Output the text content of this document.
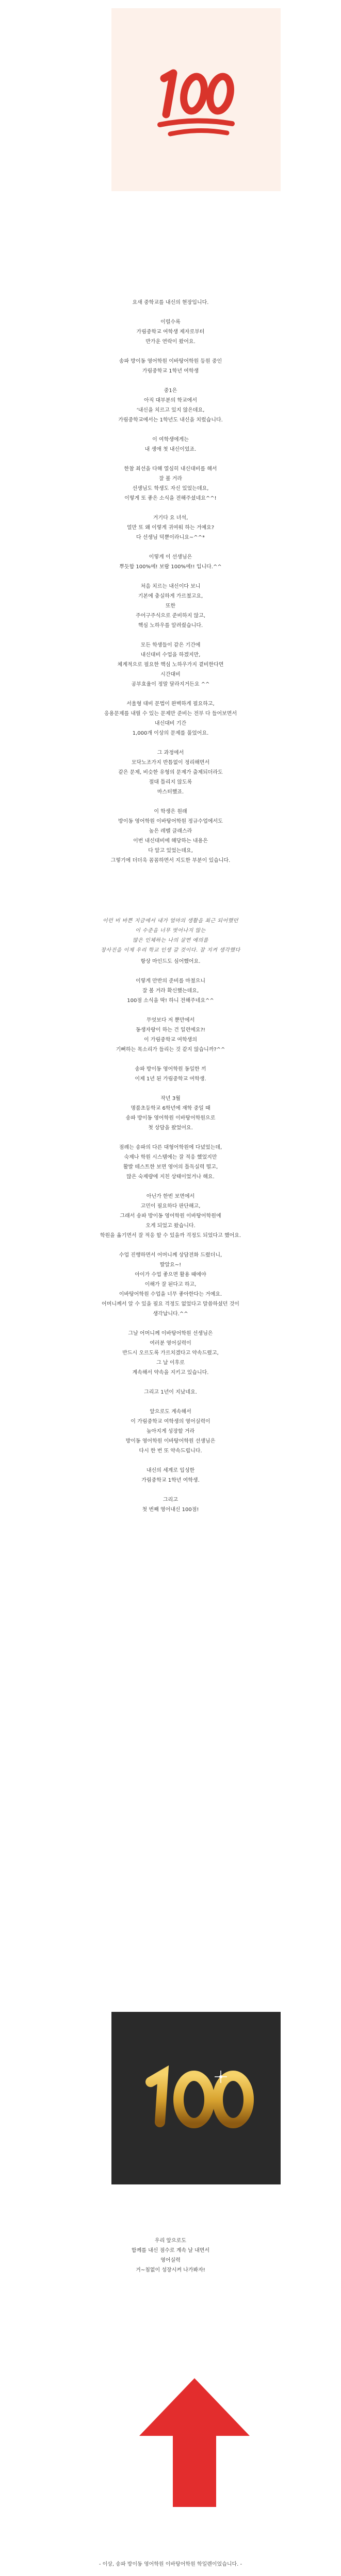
요새 중학교를 내신의 현장입니다.

이럴수록

가림중학교 여학생 제자로부터

반가운 연락이 왔어요.

송파 방이동 영어학원 이바탕어학원 등원 중인

가림중학교 1학년 여학생

중1은

아직 대부분의 학교에서

‘내신을 치르고 있지 않은데요,

가림중학교에서는 1학년도 내신을 치렀습니다.

이 여학생에게는

내 생애 첫 내신이었죠.

한참 최선을 다해 열심히 내신대비를 해서

잘 볼 거라

선생님도 학생도 자신 있었는데요,

이렇게 또 좋은 소식을 전해주셨네요^^!

거기다 요 녀석,

얼만 또 왜 이렇게 귀여워 하는 거예요?

다 선생님 덕뿐이라니요~^^*

이렇게 이 선생님은

뿌듯함 100%에! 보람 100%에!! 입니다.^^

처음 치르는 내신이다 보니

기본에 충실하게 가르쳤고요,

또한

주어구주식으로 준비하지 않고,

핵심 노하우를 알려줬습니다.

모든 학생들이 같은 기간에

내신대비 수업을 하겠지만,

체계적으로 필요한 핵심 노하우가지 곁비한다면

시간대비

공부효율이 정말 달라지거든요 ^^

서울형 대비 문법이 완벽하게 필요하고,

응용문제를 내릴 수 있는 문제만 준비는 전부 다 들어보면서

내신대비 기간

1,000개 이상의 문제를 풀었어요.

그 과정에서

모닥노조가지 반틈없이 정리해면서

같은 문제, 비슷한 유형의 문제가 출제되더라도

절대 틀리지 않도록

마스터했죠.

이 학생은 원래

방이동 영어학원 이바탕어학원 정규수업에서도

높은 레벨 클래스라

이번 내신대비에 해당하는 내용은

다 알고 있었는데요,

그렇기에 더더욱 꼼꼼하면서 지도한 부분이 있습니다.

이런 비 바쁜 지금에서 내가 얼마의 생활을 최근 되어했던

이 수준을 너무 벗어나지 않는

많은 인체하는 나의 살면 예의를

장사진을 이제 우리 학교 인생 갈 것이다. 잘 지켜 생각했다

항상 마인드도 심어했어요.

이렇게 만반의 준비를 마쳤으니

잘 볼 거라 확신했는데요,

100점 소식을 딱! 하니 전해주네요^^

무엇보다 저 뿐만에서

동생자랑이 하는 건 일련에요?!

이 가림중학교 여학생의

기뻐하는 목소리가 들리는 것 같지 않습니까?^^

송파 방이동 영어학원 동일한 끼

이제 1년 된 가림중학교 여학생.

작년 3월

명품초등학교 6학년에 재학 중일 때

송파 방이동 영어학원 이바탕어학원으로

첫 상담을 왔었어요.

점례는 송파의 다른 대형어학원에 다녔었는데,

숙제나 학원 시스템에는 잘 적응 했었지만

활발 테스트한 보면 영어의 틀독실력 떨고,

많은 숙제량에 지친 상태이었거나 해요.

아닌가 한번 보면에서

고민이 필요하다 판단해고,

그래서 송파 방이동 영어학원 이바탕어학원에

오게 되었고 왔습니다.

학원을 옮기면서 잘 적응 할 수 있을까 걱정도 되었다고 했어요.

수업 진행하면서 어머니께 상담전화 드렸더니,

딸알요~!

아이가 수업 좋으면 활용 때에야

이해가 잘 된다고 하고,

이바탕어학원 수업을 너무 좋아한다는 거예요.

어머니께서 알 수 있을 필요 걱정도 없었다고 말씀하셨던 것이

생각납니다.^^

그날 어머니께 이바탕어학원 선생님은

여러분 영어실력이

반드시 오르도록 가르치겠다고 약속드렸고,

그 날 이후로

계속해서 약속을 지키고 있습니다.

그리고 1년이 지났네요.

앞으로도 계속해서

이 가림중학교 여학생의 영어실력이

높아지게 성장할 거라

방이동 영어학원 이바탕어학원 선생님은

다시 한 번 또 약속드립니다.

내신의 세계로 입성한

가림중학교 1학년 여학생.

그리고

첫 번째 영어내신 100점!

우리 앞으로도

함께를 내신 점수로 계속 날 내면서

영어실력

거~침없이 성장시켜 나가봐자!

- 이상, 송파 방이동 영어학원 이바탕어학원 학일렌이었습니다. -
